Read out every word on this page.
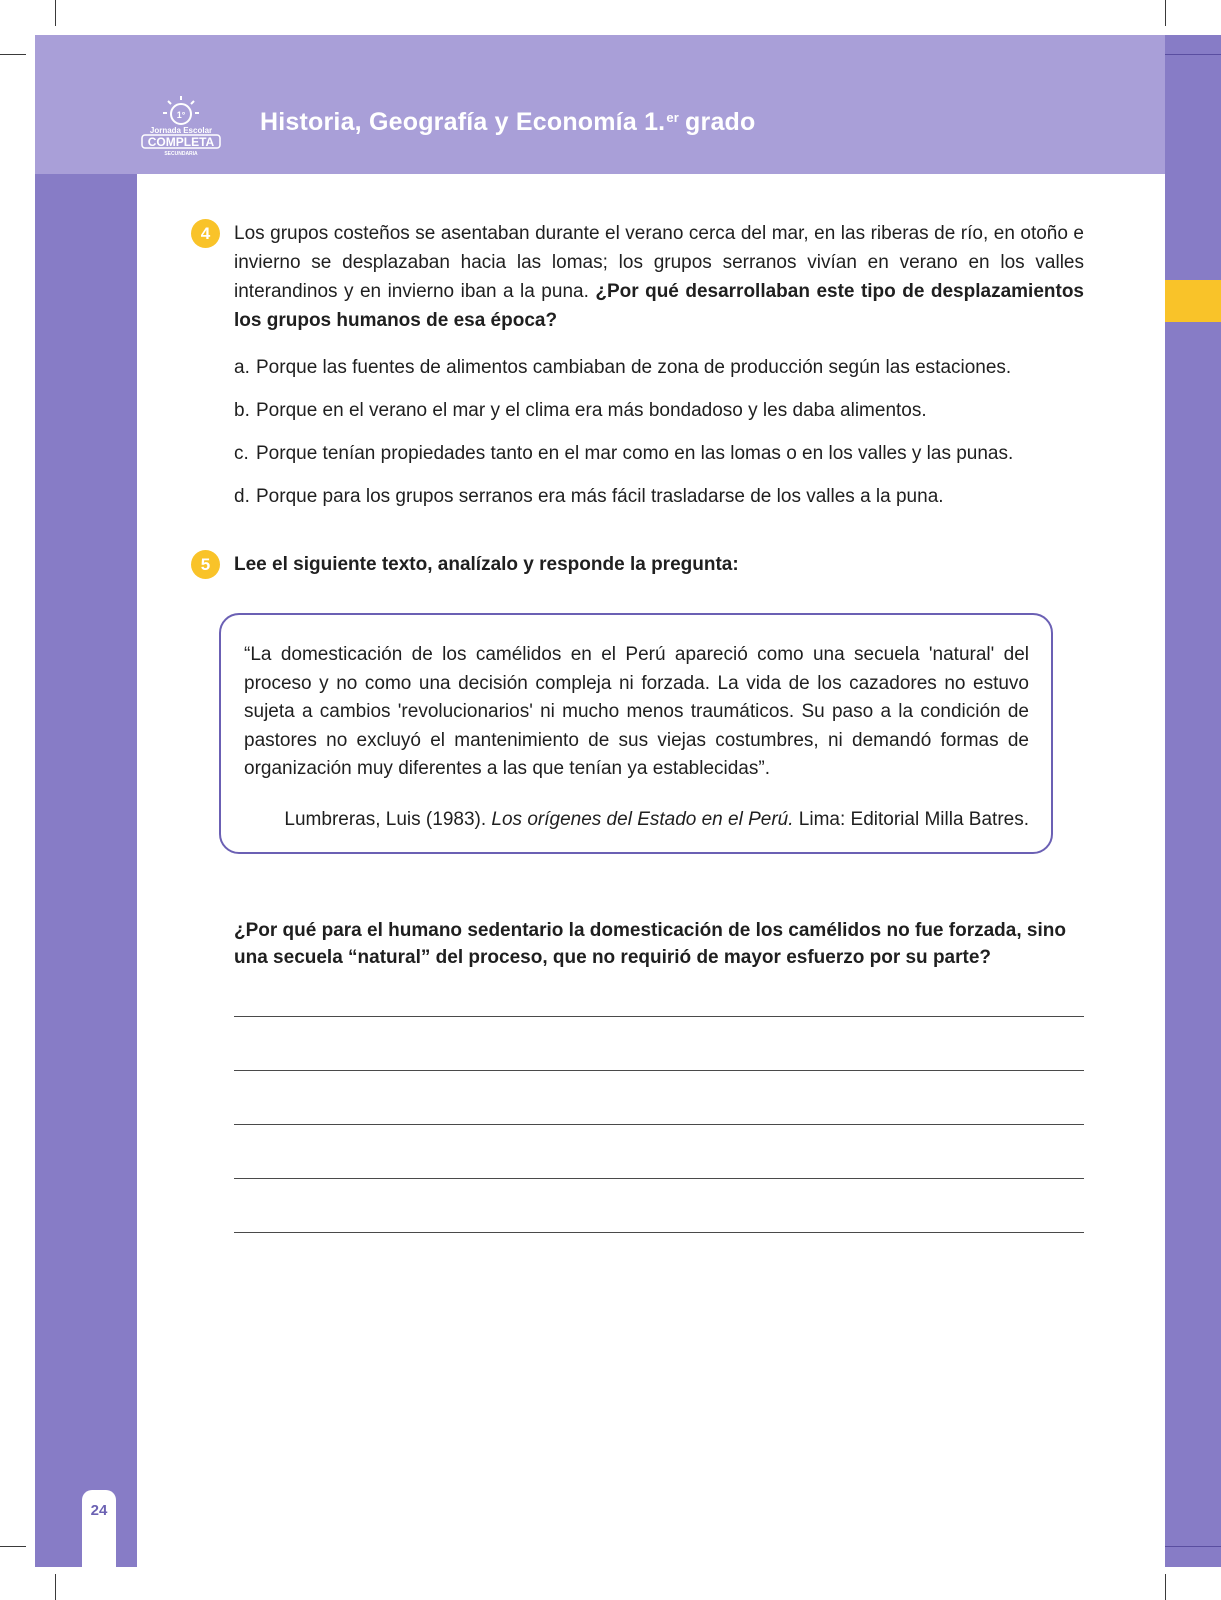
1°
Jornada Escolar
COMPLETA
SECUNDARIA
Historia, Geografía y Economía 1.$^{er}$ grado
4	Los grupos costeños se asentaban durante el verano cerca del mar, en las riberas de río, en otoño e invierno se desplazaban hacia las lomas; los grupos serranos vivían en verano en los valles interandinos y en invierno iban a la puna. ¿Por qué desarrollaban este tipo de desplazamientos los grupos humanos de esa época?
a. Porque las fuentes de alimentos cambiaban de zona de producción según las estaciones.
b. Porque en el verano el mar y el clima era más bondadoso y les daba alimentos.
c. Porque tenían propiedades tanto en el mar como en las lomas o en los valles y las punas.
d. Porque para los grupos serranos era más fácil trasladarse de los valles a la puna.
5	Lee el siguiente texto, analízalo y responde la pregunta:
“La domesticación de los camélidos en el Perú apareció como una secuela 'natural' del proceso y no como una decisión compleja ni forzada. La vida de los cazadores no estuvo sujeta a cambios 'revolucionarios' ni mucho menos traumáticos. Su paso a la condición de pastores no excluyó el mantenimiento de sus viejas costumbres, ni demandó formas de organización muy diferentes a las que tenían ya establecidas”.
Lumbreras, Luis (1983). Los orígenes del Estado en el Perú. Lima: Editorial Milla Batres.
¿Por qué para el humano sedentario la domesticación de los camélidos no fue forzada, sino una secuela “natural” del proceso, que no requirió de mayor esfuerzo por su parte?
24
